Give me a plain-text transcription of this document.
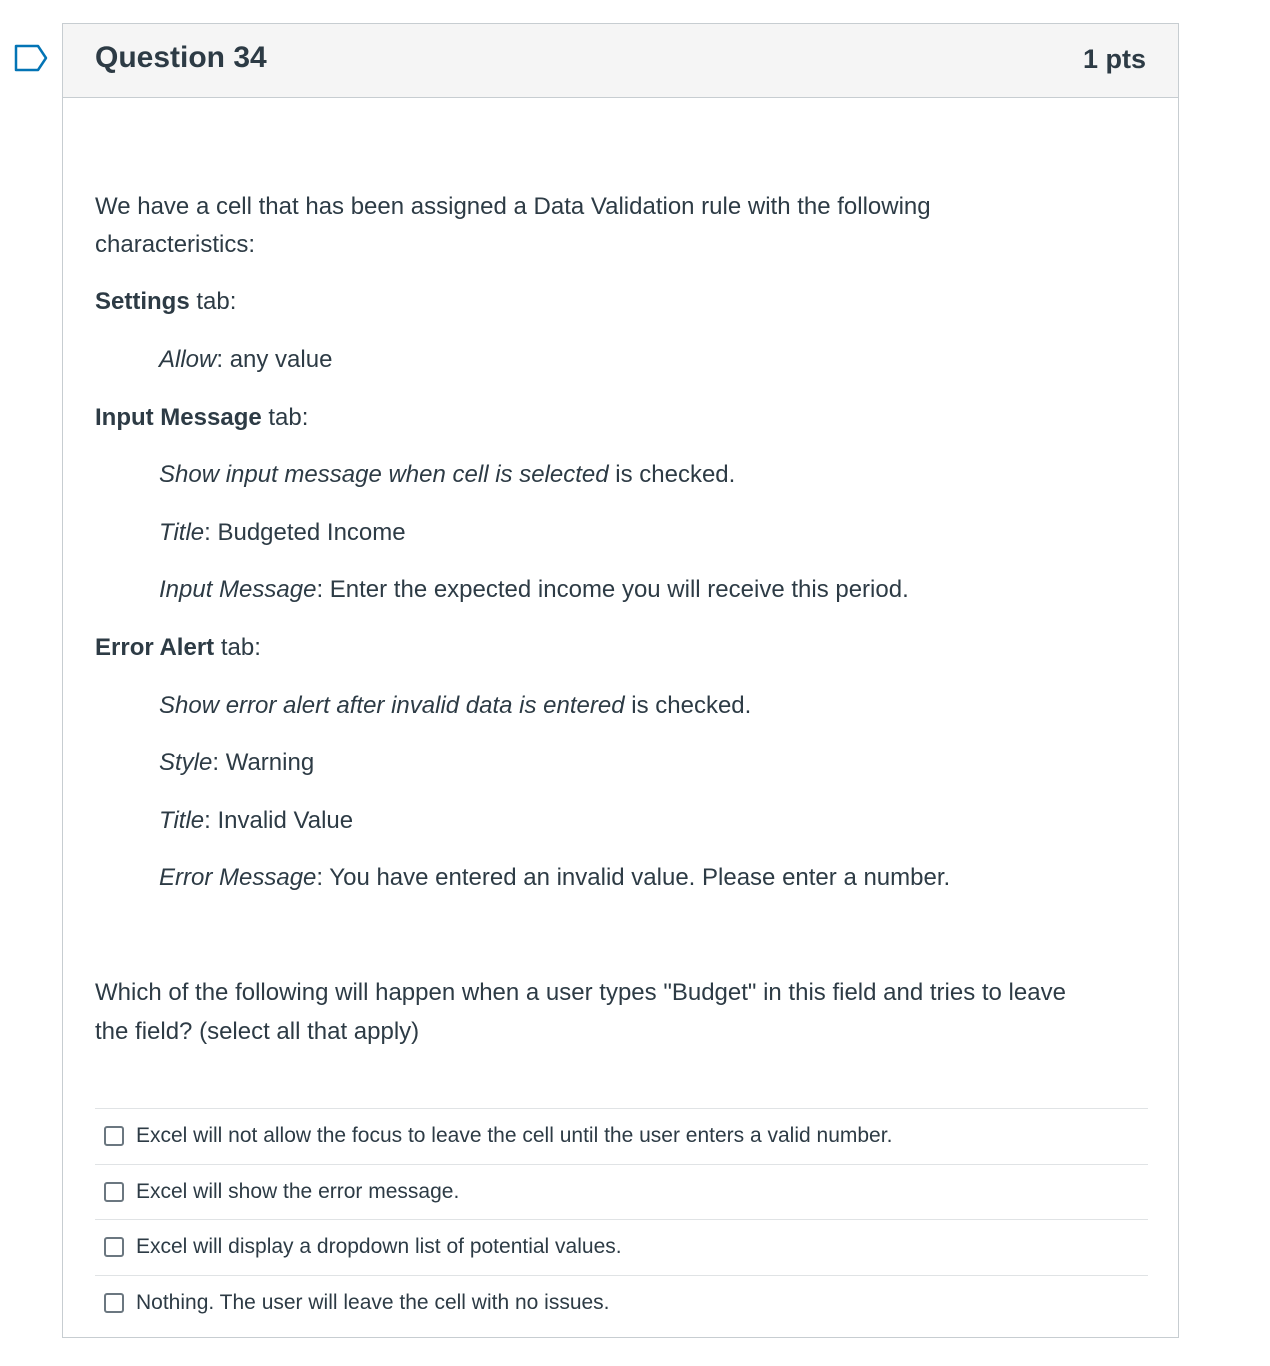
Question 34	1 pts
We have a cell that has been assigned a Data Validation rule with the following
characteristics:
Settings tab:
Allow: any value
Input Message tab:
Show input message when cell is selected is checked.
Title: Budgeted Income
Input Message: Enter the expected income you will receive this period.
Error Alert tab:
Show error alert after invalid data is entered is checked.
Style: Warning
Title: Invalid Value
Error Message: You have entered an invalid value. Please enter a number.
Which of the following will happen when a user types "Budget" in this field and tries to leave
the field? (select all that apply)
Excel will not allow the focus to leave the cell until the user enters a valid number.
Excel will show the error message.
Excel will display a dropdown list of potential values.
Nothing. The user will leave the cell with no issues.
